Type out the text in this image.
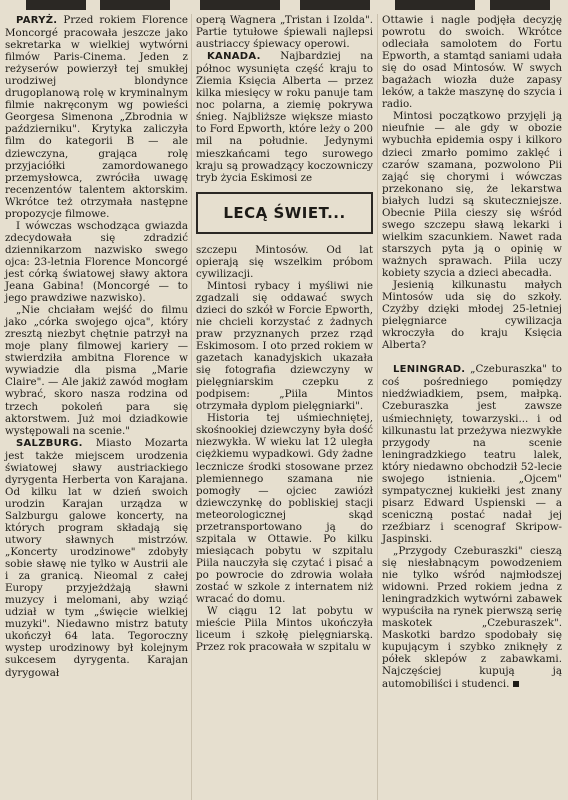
PARYŻ. Przed rokiem Florence Moncorgé pracowała jeszcze jako sekretarka w wielkiej wytwórni filmów Paris-Cinema. Jeden z reżyserów powierzył tej smukłej urodziwej blondynce drugoplanową rolę w kryminalnym filmie nakręconym wg powieści Georgesa Simenona „Zbrodnia w październiku". Krytyka zaliczyła film do kategorii B — ale dziewczyna, grająca rolę przyjaciółki zamordowanego przemysłowca, zwróciła uwagę recenzentów talentem aktorskim. Wkrótce też otrzymała następne propozycje filmowe.

I wówczas wschodząca gwiazda zdecydowała się zdradzić dziennikarzom nazwisko swego ojca: 23-letnia Florence Moncorgé jest córką światowej sławy aktora Jeana Gabina! (Moncorgé — to jego prawdziwe nazwisko).

„Nie chciałam wejść do filmu jako „córka swojego ojca", który zresztą niezbyt chętnie patrzył na moje plany filmowej kariery — stwierdziła ambitna Florence w wywiadzie dla pisma „Marie Claire". — Ale jakiż zawód mogłam wybrać, skoro nasza rodzina od trzech pokoleń para się aktorstwem. Już moi dziadkowie występowali na scenie."

SALZBURG. Miasto Mozarta jest także miejscem urodzenia światowej sławy austriackiego dyrygenta Herberta von Karajana. Od kilku lat w dzień swoich urodzin Karajan urządza w Salzburgu galowe koncerty, na których program składają się utwory sławnych mistrzów. „Koncerty urodzinowe" zdobyły sobie sławę nie tylko w Austrii ale i za granicą. Nieomal z całej Europy przyjeżdżają sławni muzycy i melomani, aby wziąć udział w tym „święcie wielkiej muzyki". Niedawno mistrz batuty ukończył 64 lata. Tegoroczny wystep urodzinowy był kolejnym sukcesem dyrygenta. Karajan dyrygował

operą Wagnera „Tristan i Izolda". Partie tytułowe śpiewali najlepsi austriaccy śpiewacy operowi.

KANADA. Najbardziej na północ wysunięta część kraju to Ziemia Księcia Alberta — przez kilka miesięcy w roku panuje tam noc polarna, a ziemię pokrywa śnieg. Najbliższe większe miasto to Ford Epworth, które leży o 200 mil na południe. Jedynymi mieszkańcami tego surowego kraju są prowadzący koczowniczy tryb życia Eskimosi ze

LECĄ ŚWIET...

szczepu Mintosów. Od lat opierają się wszelkim próbom cywilizacji.

Mintosi rybacy i myśliwi nie zgadzali się oddawać swych dzieci do szkół w Forcie Epworth, nie chcieli korzystać z żadnych praw przyznanych przez rząd Eskimosom. I oto przed rokiem w gazetach kanadyjskich ukazała się fotografia dziewczyny w pielęgniarskim czepku z podpisem: „Piila Mintos otrzymała dyplom pielęgniarki".

Historia tej uśmiechniętej, skośnookiej dziewczyny była dość niezwykła. W wieku lat 12 uległa ciężkiemu wypadkowi. Gdy żadne lecznicze środki stosowane przez plemiennego szamana nie pomogły — ojciec zawiózł dziewczynkę do pobliskiej stacji meteorologicznej skąd przetransportowano ją do szpitala w Ottawie. Po kilku miesiącach pobytu w szpitalu Piila nauczyła się czytać i pisać a po powrocie do zdrowia wolała zostać w szkole z internatem niż wracać do domu.

W ciągu 12 lat pobytu w mieście Piila Mintos ukończyła liceum i szkołę pielęgniarską. Przez rok pracowała w szpitalu w

Ottawie i nagle podjęła decyzję powrotu do swoich. Wkrótce odleciała samolotem do Fortu Epworth, a stamtąd saniami udała się do osad Mintosów. W swych bagażach wiozła duże zapasy leków, a także maszynę do szycia i radio.

Mintosi początkowo przyjęli ją nieufnie — ale gdy w obozie wybuchła epidemia ospy i kilkoro dzieci zmarło pomimo zaklęć i czarów szamana, pozwolono Pii zająć się chorymi i wówczas przekonano się, że lekarstwa białych ludzi są skuteczniejsze. Obecnie Piila cieszy się wśród swego szczepu sławą lekarki i wielkim szacunkiem. Nawet rada starszych pyta ją o opinię w ważnych sprawach. Piila uczy kobiety szycia a dzieci abecadła.

Jesienią kilkunastu małych Mintosów uda się do szkoły. Czyżby dzięki młodej 25-letniej pielęgniarce cywilizacja wkroczyła do kraju Księcia Alberta?

LENINGRAD. „Czeburaszka" to coś pośredniego pomiędzy niedźwiadkiem, psem, małpką. Czeburaszka jest zawsze uśmiechnięty, towarzyski... i od kilkunastu lat przeżywa niezwykłe przygody na scenie leningradzkiego teatru lalek, który niedawno obchodził 52-lecie swojego istnienia. „Ojcem" sympatycznej kukiełki jest znany pisarz Edward Uspienski — a sceniczną postać nadał jej rzeźbiarz i scenograf Skripow-Jaspinski.

„Przygody Czeburaszki" cieszą się niesłabnącym powodzeniem nie tylko wśród najmłodszej widowni. Przed rokiem jedna z leningradzkich wytwórni zabawek wypuściła na rynek pierwszą serię maskotek „Czeburaszek". Maskotki bardzo spodobały się kupującym i szybko zniknęły z półek sklepów z zabawkami. Najczęściej kupują ją automobiliści i studenci.
